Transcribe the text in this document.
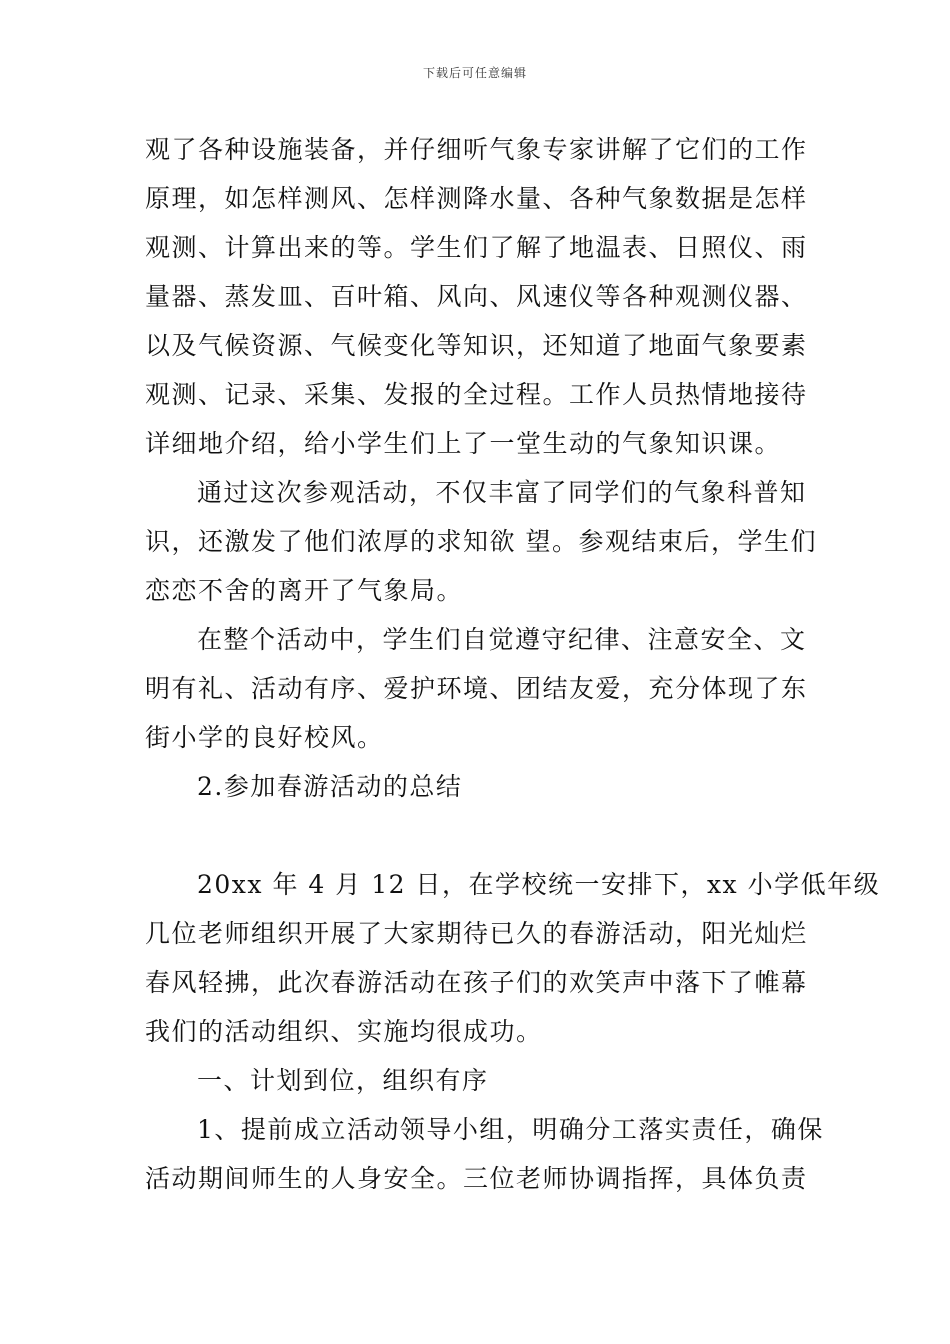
下载后可任意编辑
观了各种设施装备，并仔细听气象专家讲解了它们的工作
原理，如怎样测风、怎样测降水量、各种气象数据是怎样
观测、计算出来的等。学生们了解了地温表、日照仪、雨
量器、蒸发皿、百叶箱、风向、风速仪等各种观测仪器、
以及气候资源、气候变化等知识，还知道了地面气象要素
观测、记录、采集、发报的全过程。工作人员热情地接待
详细地介绍，给小学生们上了一堂生动的气象知识课。
通过这次参观活动，不仅丰富了同学们的气象科普知
识，还激发了他们浓厚的求知欲 望。参观结束后，学生们
恋恋不舍的离开了气象局。
在整个活动中，学生们自觉遵守纪律、注意安全、文
明有礼、活动有序、爱护环境、团结友爱，充分体现了东
街小学的良好校风。
2.参加春游活动的总结
20xx 年 4 月 12 日，在学校统一安排下，xx 小学低年级
几位老师组织开展了大家期待已久的春游活动，阳光灿烂
春风轻拂，此次春游活动在孩子们的欢笑声中落下了帷幕
我们的活动组织、实施均很成功。
一、计划到位，组织有序
1、提前成立活动领导小组，明确分工落实责任，确保
活动期间师生的人身安全。三位老师协调指挥，具体负责
